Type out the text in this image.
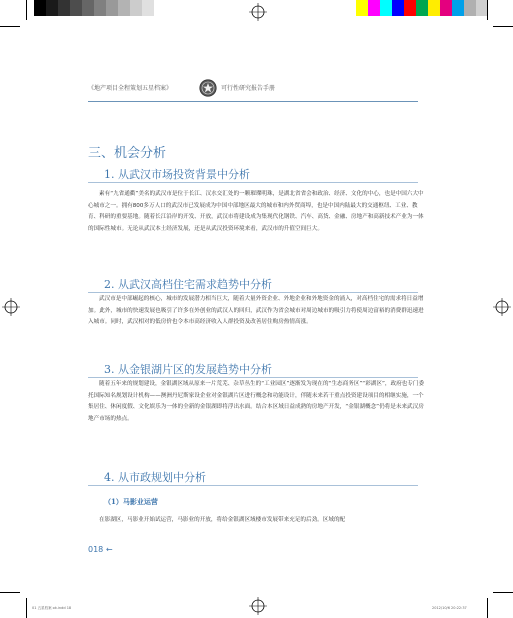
《地产项目全程策划五星档案》	可行性研究报告手册
三、机会分析
1. 从武汉市场投资背景中分析

素有“九省通衢”美名的武汉市是位于长江、汉水交汇处的一颗璀璨明珠，是湖北省省会和政治、经济、文化的中心，也是中国六大中心城市之一。拥有800多万人口的武汉市已发展成为中国中部地区最大的城市和内外贸商埠，也是中国内陆最大的交通枢纽、工业、教育、科研的重要基地。随着长江沿岸的开发、开放，武汉市将建设成为集现代化钢铁、汽车、高货、金融、房地产和高新技术产业为一体的国际性城市。无论从武汉本土经济发展，还是从武汉投资环境来看，武汉市的升值空间巨大。

2. 从武汉高档住宅需求趋势中分析

武汉市是中部崛起的核心，城市的发展潜力相当巨大，随着大量外资企业、外地企业和外地资金的涌入，对高档住宅的需求将日益增加。此外，城市的快速发展也吸引了许多在外创业的武汉人的回归，武汉作为省会城市对周边城市的吸引力将使周边富裕的消费群迅速进入城市。同时，武汉相对的低房价也令本市高经济收入人群投资及改善居住购房热情高涨。

3. 从金银湖片区的发展趋势中分析

随着五年来的规划建设，金银湖区域从原来一片荒芜、杂草丛生的“工业园区”逐渐发为现在的“生态商务区”“彩湖区”，政府也专门委托国际知名规划设计机构——澳洲丹尼斯家设企业对金银湖片区进行概念和功能设计，伴随未来若干重点投资建设项目的相继实施，一个集居住、休闲度假、文化娱乐为一体的全新的金银湖即将浮出水面。结合本区域日益成熟的房地产开发，“金银湖概念”仍将是未来武汉房地产市场的热点。

4. 从市政规划中分析
（1）马影业运营

在影湖区，马影业开始试运营，马影业的开放，将给金银湖区域楼市发展带来充足的后劲。区域的配

018 ←
01 五星档案 ok.indd 18	2012/10/6 20:22:37
